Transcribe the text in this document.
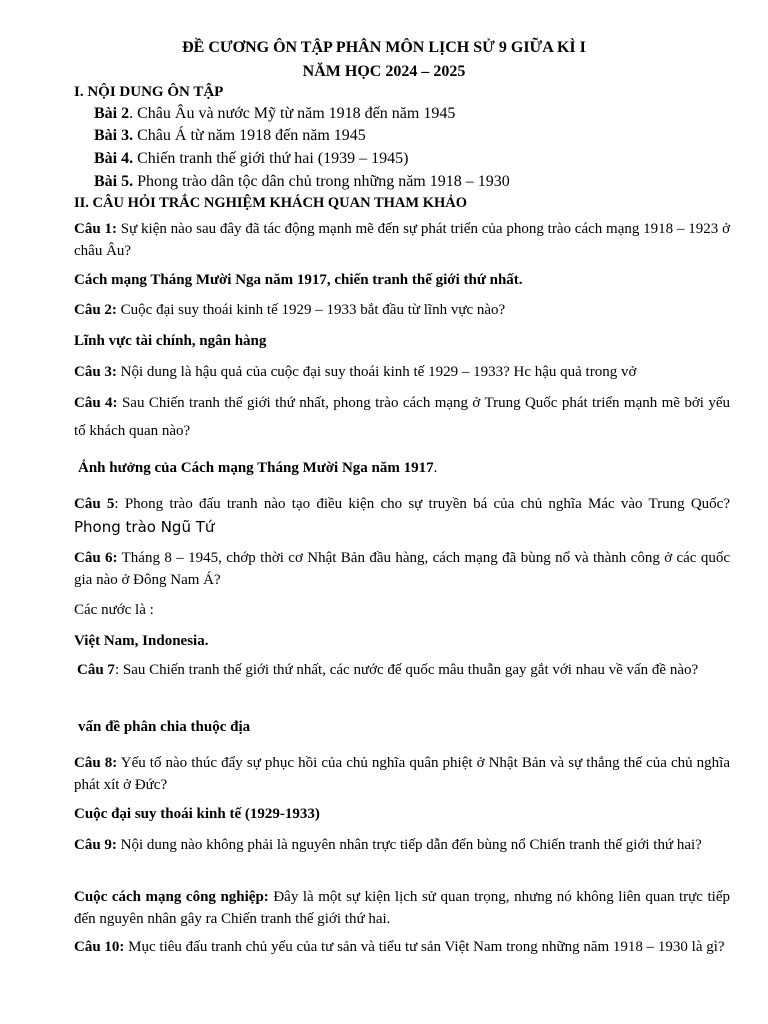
ĐỀ CƯƠNG ÔN TẬP PHÂN MÔN LỊCH SỬ 9 GIỮA KÌ I
NĂM HỌC 2024 – 2025
I. NỘI DUNG ÔN TẬP
Bài 2. Châu Âu và nước Mỹ từ năm 1918 đến năm 1945
Bài 3. Châu Á từ năm 1918 đến năm 1945
Bài 4. Chiến tranh thế giới thứ hai (1939 – 1945)
Bài 5. Phong trào dân tộc dân chủ trong những năm 1918 – 1930
II. CÂU HỎI TRẮC NGHIỆM KHÁCH QUAN THAM KHẢO
Câu 1: Sự kiện nào sau đây đã tác động mạnh mẽ đến sự phát triển của phong trào cách mạng 1918 – 1923 ở châu Âu?
Cách mạng Tháng Mười Nga năm 1917, chiến tranh thế giới thứ nhất.
Câu 2: Cuộc đại suy thoái kinh tế 1929 – 1933 bắt đầu từ lĩnh vực nào?
Lĩnh vực tài chính, ngân hàng
Câu 3: Nội dung là hậu quả của cuộc đại suy thoái kinh tế 1929 – 1933? Hc hậu quả trong vở
Câu 4: Sau Chiến tranh thế giới thứ nhất, phong trào cách mạng ở Trung Quốc phát triển mạnh mẽ bởi yếu tố khách quan nào?
Ảnh hưởng của Cách mạng Tháng Mười Nga năm 1917.
Câu 5: Phong trào đấu tranh nào tạo điều kiện cho sự truyền bá của chủ nghĩa Mác vào Trung Quốc? Phong trào Ngũ Tứ
Câu 6: Tháng 8 – 1945, chớp thời cơ Nhật Bản đầu hàng, cách mạng đã bùng nổ và thành công ở các quốc gia nào ở Đông Nam Á?
Các nước là :
Việt Nam, Indonesia.
Câu 7: Sau Chiến tranh thế giới thứ nhất, các nước đế quốc mâu thuẫn gay gắt với nhau về vấn đề nào?
vấn đề phân chia thuộc địa
Câu 8: Yếu tố nào thúc đẩy sự phục hồi của chủ nghĩa quân phiệt ở Nhật Bản và sự thắng thế của chủ nghĩa phát xít ở Đức?
Cuộc đại suy thoái kinh tế (1929-1933)
Câu 9: Nội dung nào không phải là nguyên nhân trực tiếp dẫn đến bùng nổ Chiến tranh thế giới thứ hai?
Cuộc cách mạng công nghiệp: Đây là một sự kiện lịch sử quan trọng, nhưng nó không liên quan trực tiếp đến nguyên nhân gây ra Chiến tranh thế giới thứ hai.
Câu 10: Mục tiêu đấu tranh chủ yếu của tư sản và tiểu tư sản Việt Nam trong những năm 1918 – 1930 là gì?
